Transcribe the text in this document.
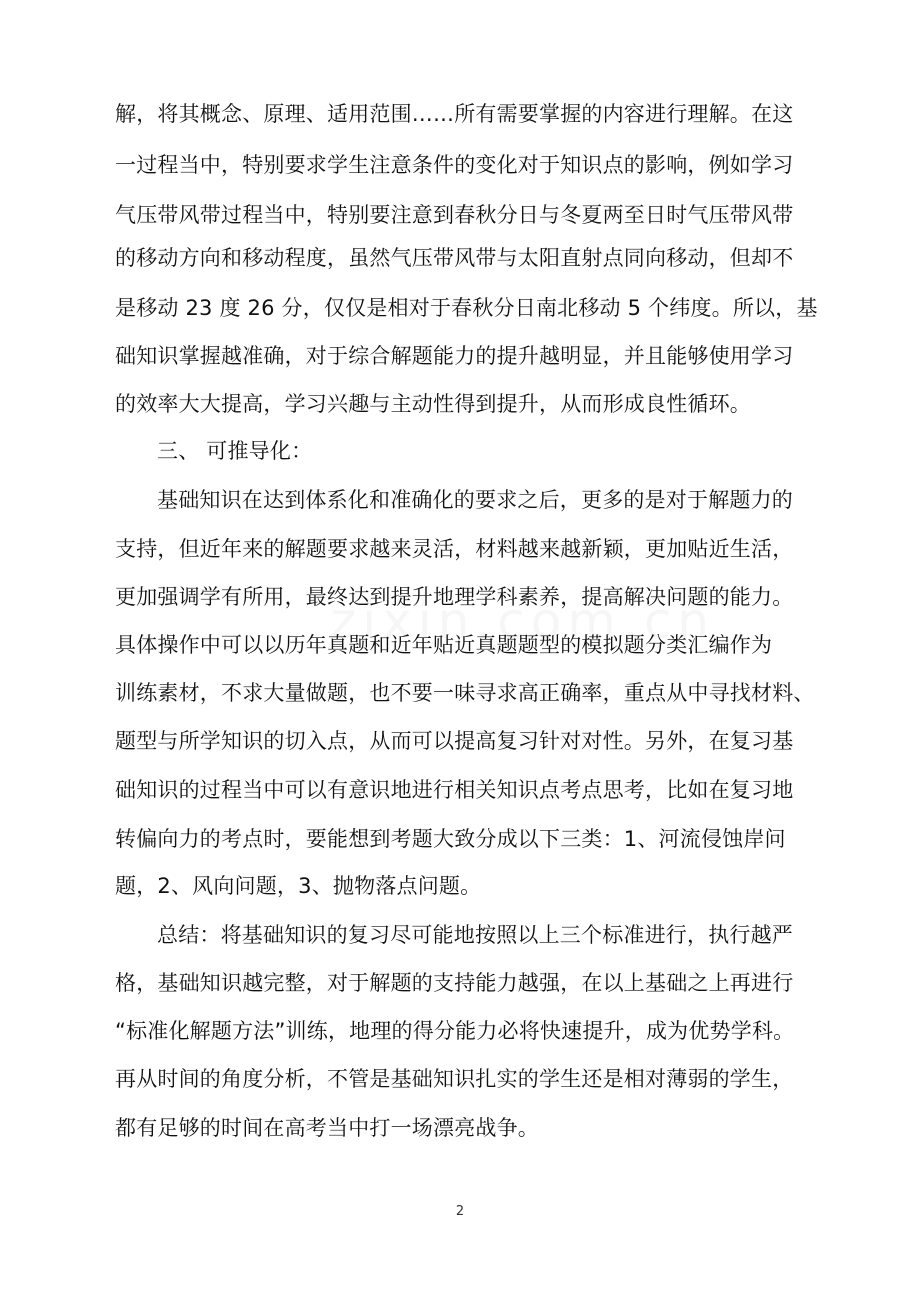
解，将其概念、原理、适用范围……所有需要掌握的内容进行理解。在这
一过程当中，特别要求学生注意条件的变化对于知识点的影响，例如学习
气压带风带过程当中，特别要注意到春秋分日与冬夏两至日时气压带风带
的移动方向和移动程度，虽然气压带风带与太阳直射点同向移动，但却不
是移动 23 度 26 分，仅仅是相对于春秋分日南北移动 5 个纬度。所以，基
础知识掌握越准确，对于综合解题能力的提升越明显，并且能够使用学习
的效率大大提高，学习兴趣与主动性得到提升，从而形成良性循环。
三、 可推导化：
基础知识在达到体系化和准确化的要求之后，更多的是对于解题力的
支持，但近年来的解题要求越来灵活，材料越来越新颖，更加贴近生活，
更加强调学有所用，最终达到提升地理学科素养，提高解决问题的能力。
具体操作中可以以历年真题和近年贴近真题题型的模拟题分类汇编作为
训练素材，不求大量做题，也不要一味寻求高正确率，重点从中寻找材料、
题型与所学知识的切入点，从而可以提高复习针对对性。另外，在复习基
础知识的过程当中可以有意识地进行相关知识点考点思考，比如在复习地
转偏向力的考点时，要能想到考题大致分成以下三类：1、河流侵蚀岸问
题，2、风向问题，3、抛物落点问题。
总结：将基础知识的复习尽可能地按照以上三个标准进行，执行越严
格，基础知识越完整，对于解题的支持能力越强，在以上基础之上再进行
“标准化解题方法”训练，地理的得分能力必将快速提升，成为优势学科。
再从时间的角度分析，不管是基础知识扎实的学生还是相对薄弱的学生，
都有足够的时间在高考当中打一场漂亮战争。
2
